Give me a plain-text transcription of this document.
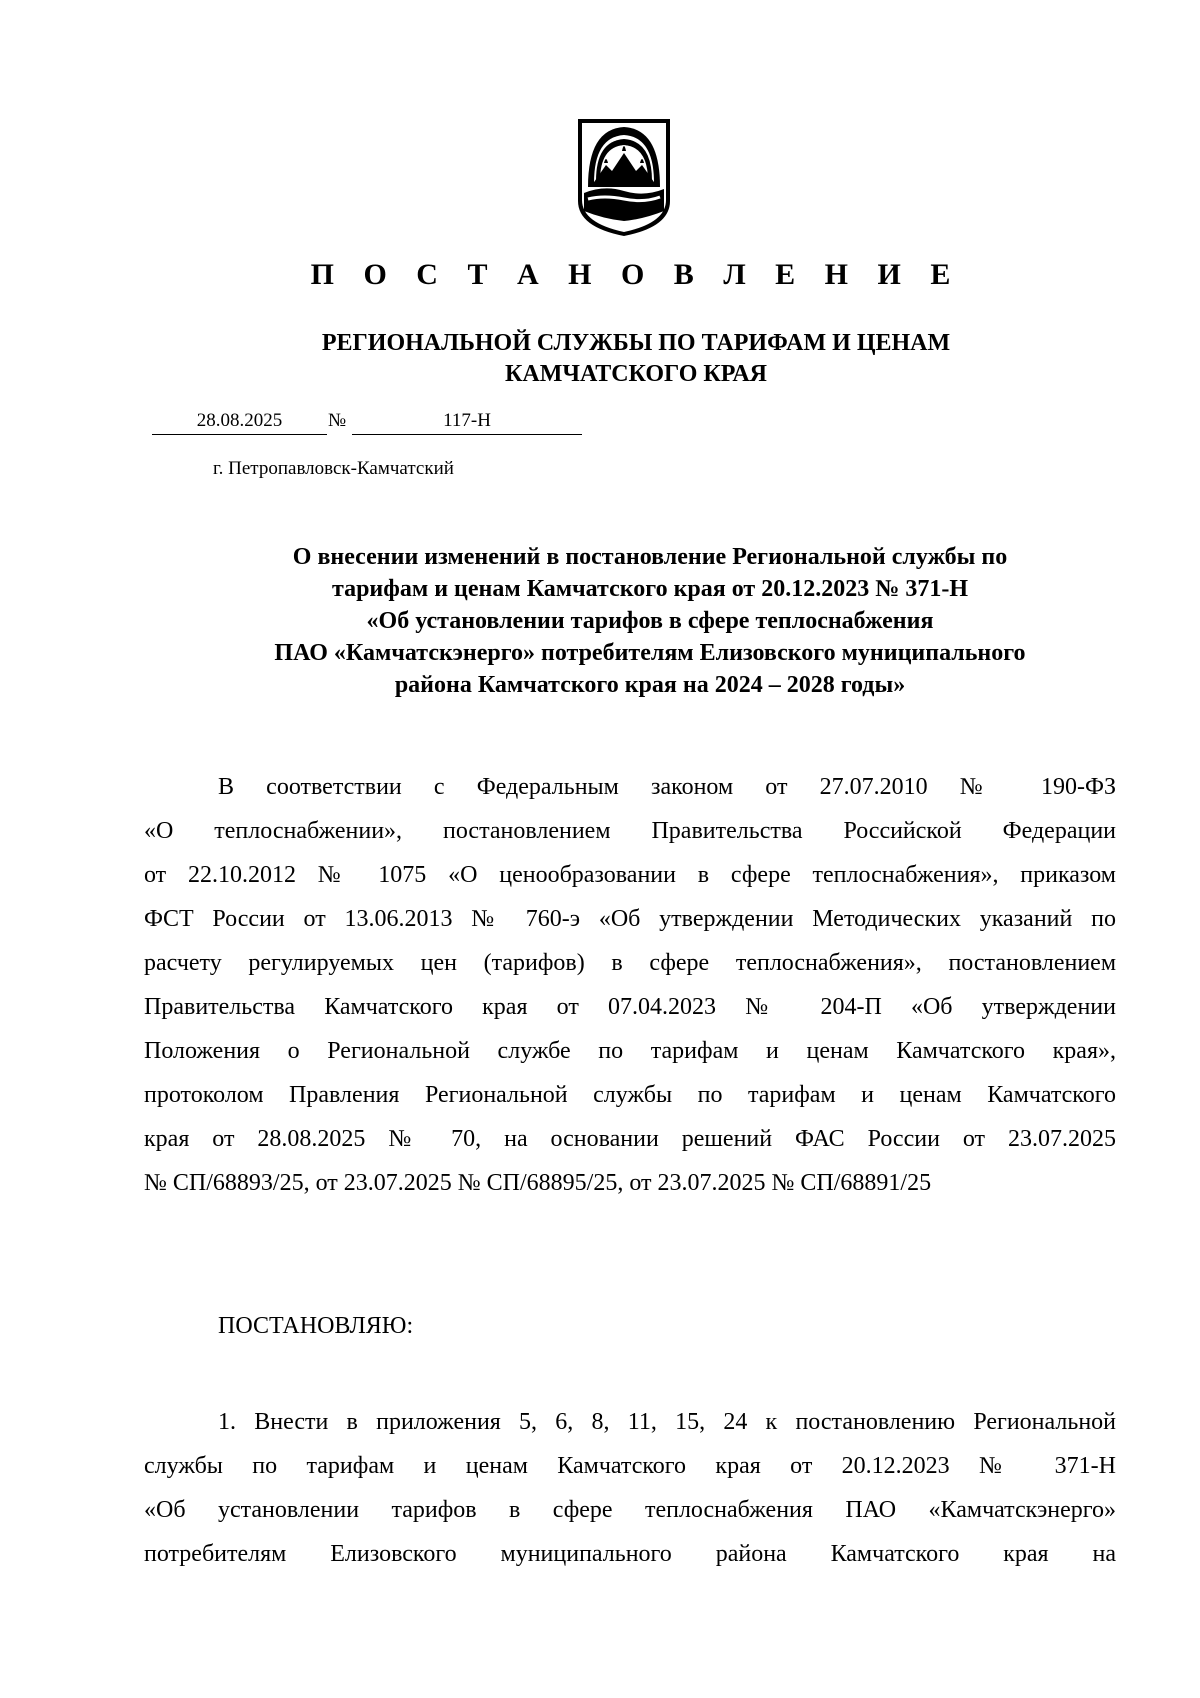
П О С Т А Н О В Л Е Н И Е
РЕГИОНАЛЬНОЙ СЛУЖБЫ ПО ТАРИФАМ И ЦЕНАМ
КАМЧАТСКОГО КРАЯ
28.08.2025	№	117-Н
г. Петропавловск-Камчатский
О внесении изменений в постановление Региональной службы по
тарифам и ценам Камчатского края от 20.12.2023 № 371-Н
«Об установлении тарифов в сфере теплоснабжения
ПАО «Камчатскэнерго» потребителям Елизовского муниципального
района Камчатского края на 2024 – 2028 годы»
В соответствии с Федеральным законом от 27.07.2010 № 190-ФЗ
«О теплоснабжении», постановлением Правительства Российской Федерации
от 22.10.2012 № 1075 «О ценообразовании в сфере теплоснабжения», приказом
ФСТ России от 13.06.2013 № 760-э «Об утверждении Методических указаний по
расчету регулируемых цен (тарифов) в сфере теплоснабжения», постановлением
Правительства Камчатского края от 07.04.2023 № 204-П «Об утверждении
Положения о Региональной службе по тарифам и ценам Камчатского края»,
протоколом Правления Региональной службы по тарифам и ценам Камчатского
края от 28.08.2025 № 70, на основании решений ФАС России от 23.07.2025
№ СП/68893/25, от 23.07.2025 № СП/68895/25, от 23.07.2025 № СП/68891/25
ПОСТАНОВЛЯЮ:
1. Внести в приложения 5, 6, 8, 11, 15, 24 к постановлению Региональной
службы по тарифам и ценам Камчатского края от 20.12.2023 № 371-Н
«Об установлении тарифов в сфере теплоснабжения ПАО «Камчатскэнерго»
потребителям Елизовского муниципального района Камчатского края на
